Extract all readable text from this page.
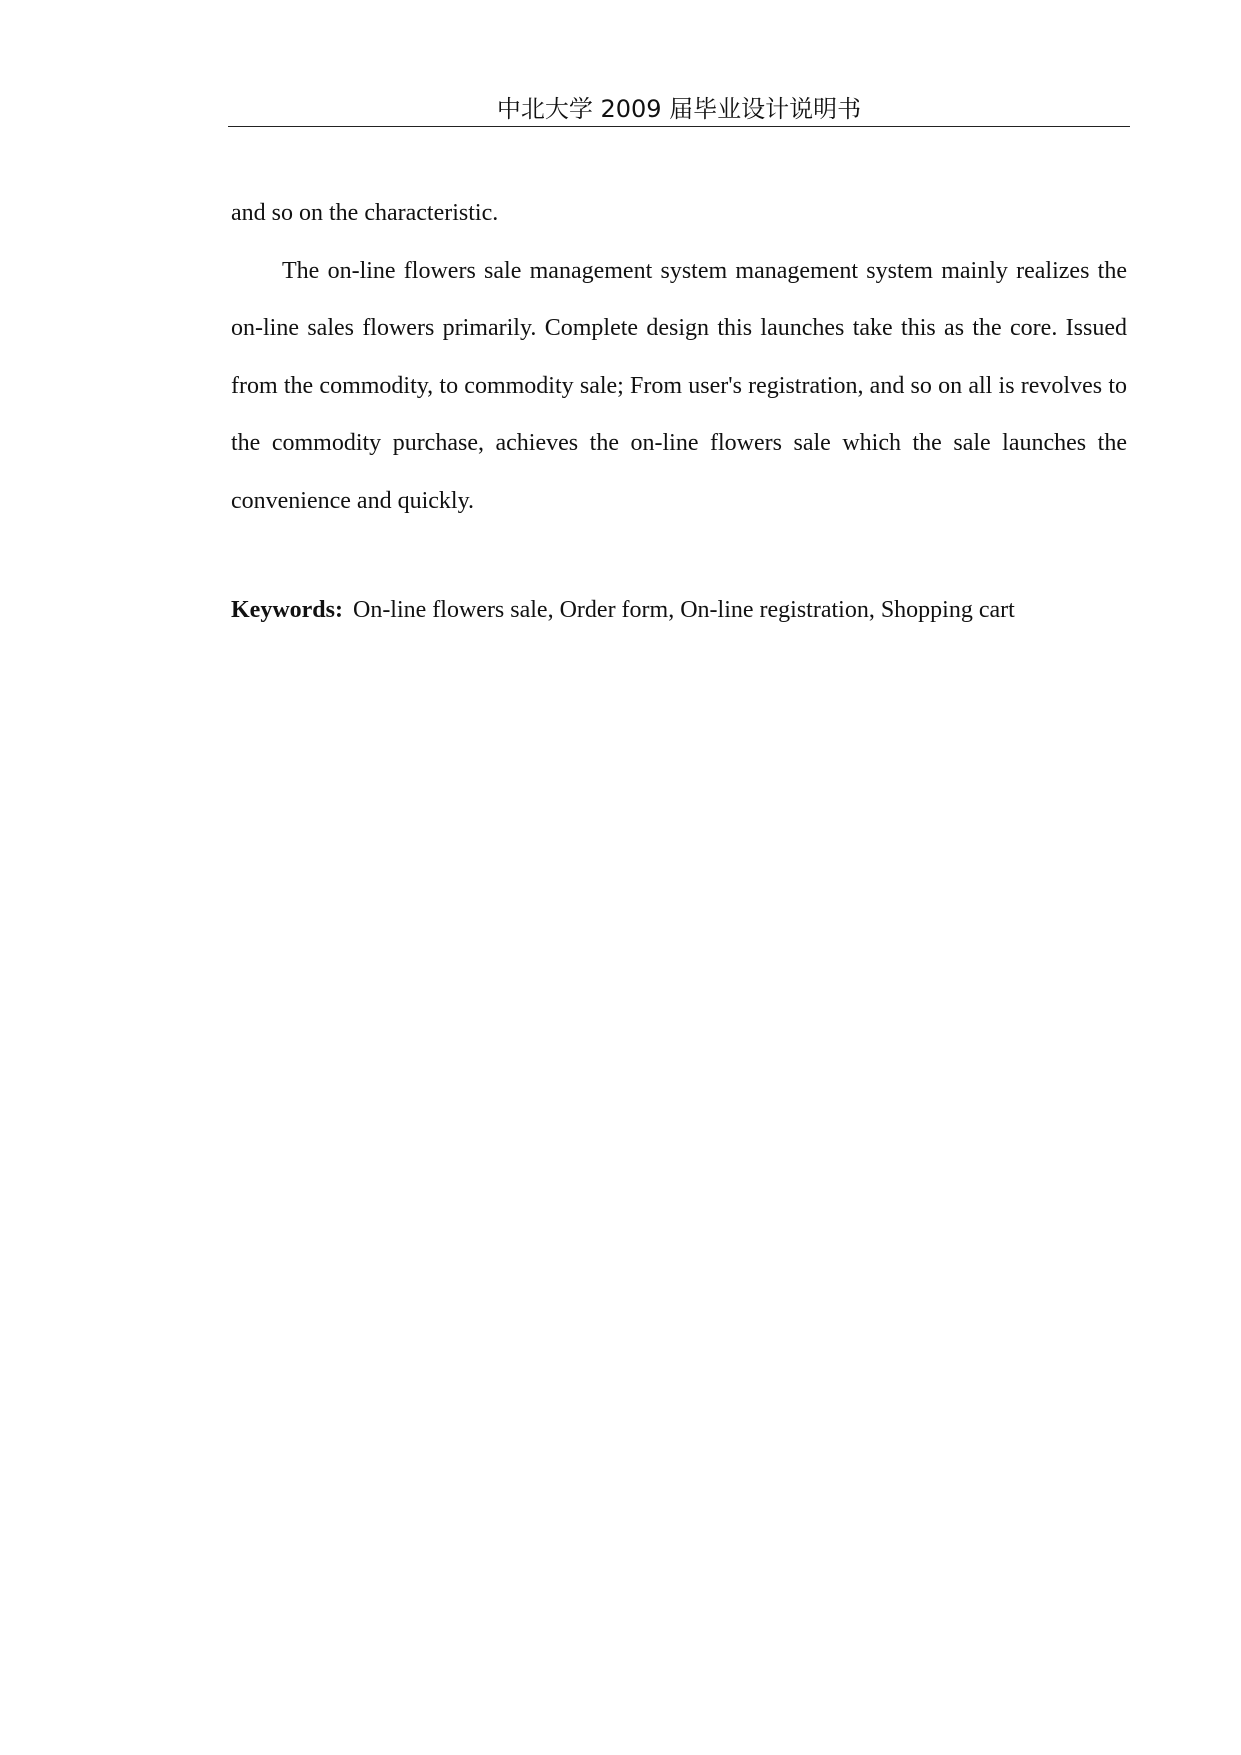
中北大学 2009 届毕业设计说明书

and so on the characteristic.

The on-line flowers sale management system management system mainly realizes the on-line sales flowers primarily. Complete design this launches take this as the core. Issued from the commodity, to commodity sale; From user's registration, and so on all is revolves to the commodity purchase, achieves the on-line flowers sale which the sale launches the convenience and quickly.

Keywords: On-line flowers sale, Order form, On-line registration, Shopping cart
